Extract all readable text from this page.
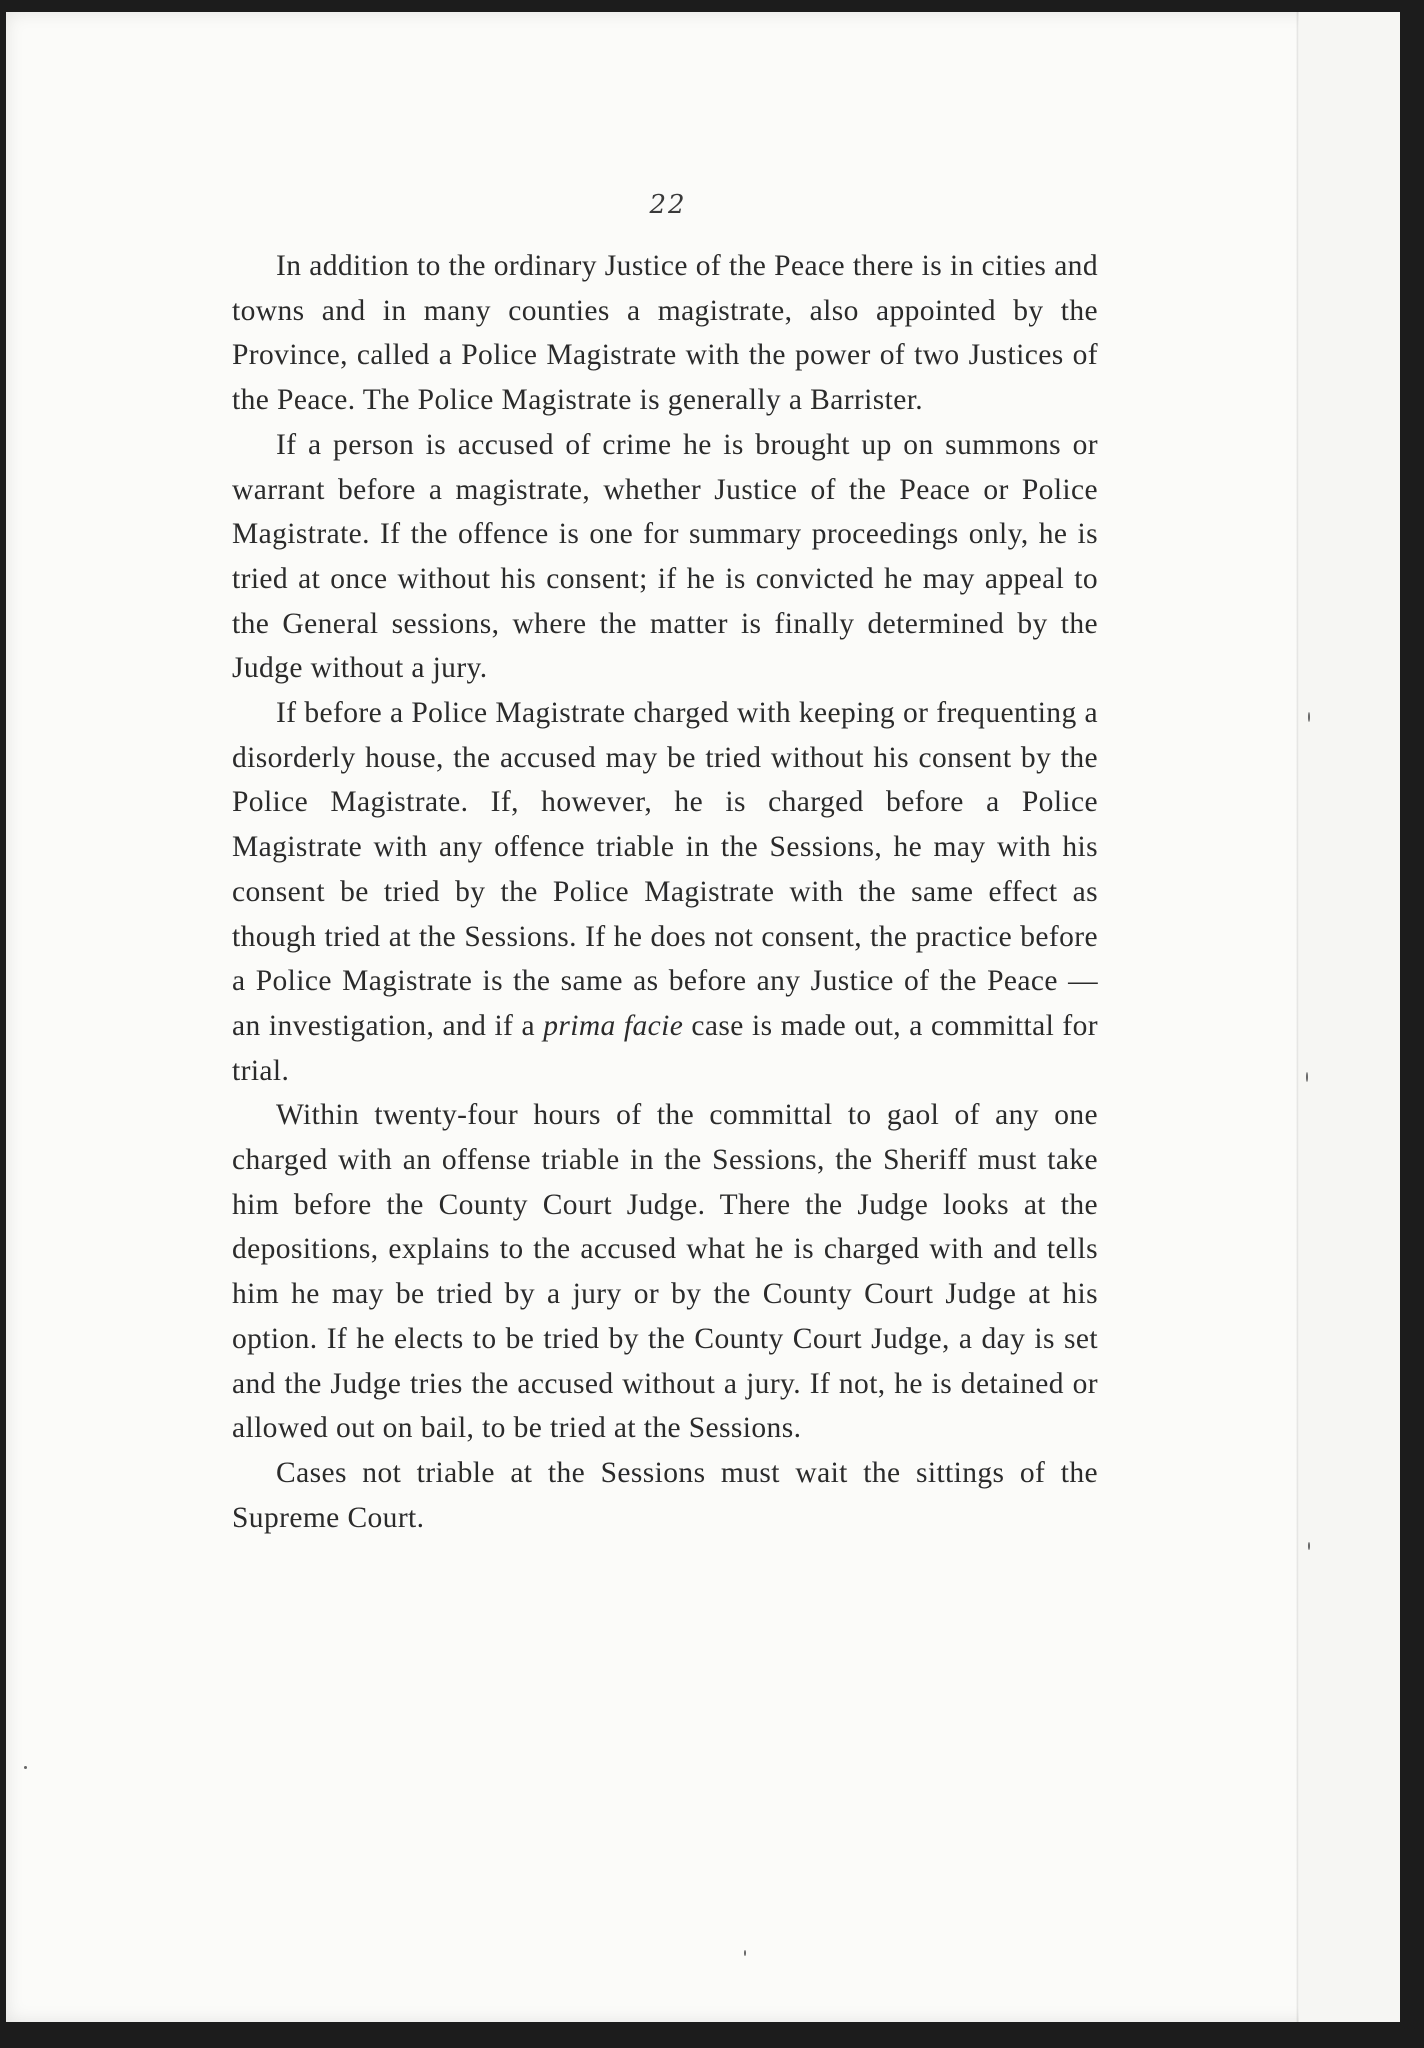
22

In addition to the ordinary Justice of the Peace there is in cities and towns and in many counties a magistrate, also appointed by the Province, called a Police Magistrate with the power of two Justices of the Peace. The Police Magistrate is generally a Barrister.

If a person is accused of crime he is brought up on summons or warrant before a magistrate, whether Justice of the Peace or Police Magistrate. If the offence is one for summary proceedings only, he is tried at once without his consent; if he is convicted he may appeal to the General sessions, where the matter is finally determined by the Judge without a jury.

If before a Police Magistrate charged with keeping or frequenting a disorderly house, the accused may be tried without his consent by the Police Magistrate. If, however, he is charged before a Police Magistrate with any offence triable in the Sessions, he may with his consent be tried by the Police Magistrate with the same effect as though tried at the Sessions. If he does not consent, the practice before a Police Magistrate is the same as before any Justice of the Peace — an investigation, and if a prima facie case is made out, a committal for trial.

Within twenty-four hours of the committal to gaol of any one charged with an offense triable in the Sessions, the Sheriff must take him before the County Court Judge. There the Judge looks at the depositions, explains to the accused what he is charged with and tells him he may be tried by a jury or by the County Court Judge at his option. If he elects to be tried by the County Court Judge, a day is set and the Judge tries the accused without a jury. If not, he is detained or allowed out on bail, to be tried at the Sessions.

Cases not triable at the Sessions must wait the sittings of the Supreme Court.
